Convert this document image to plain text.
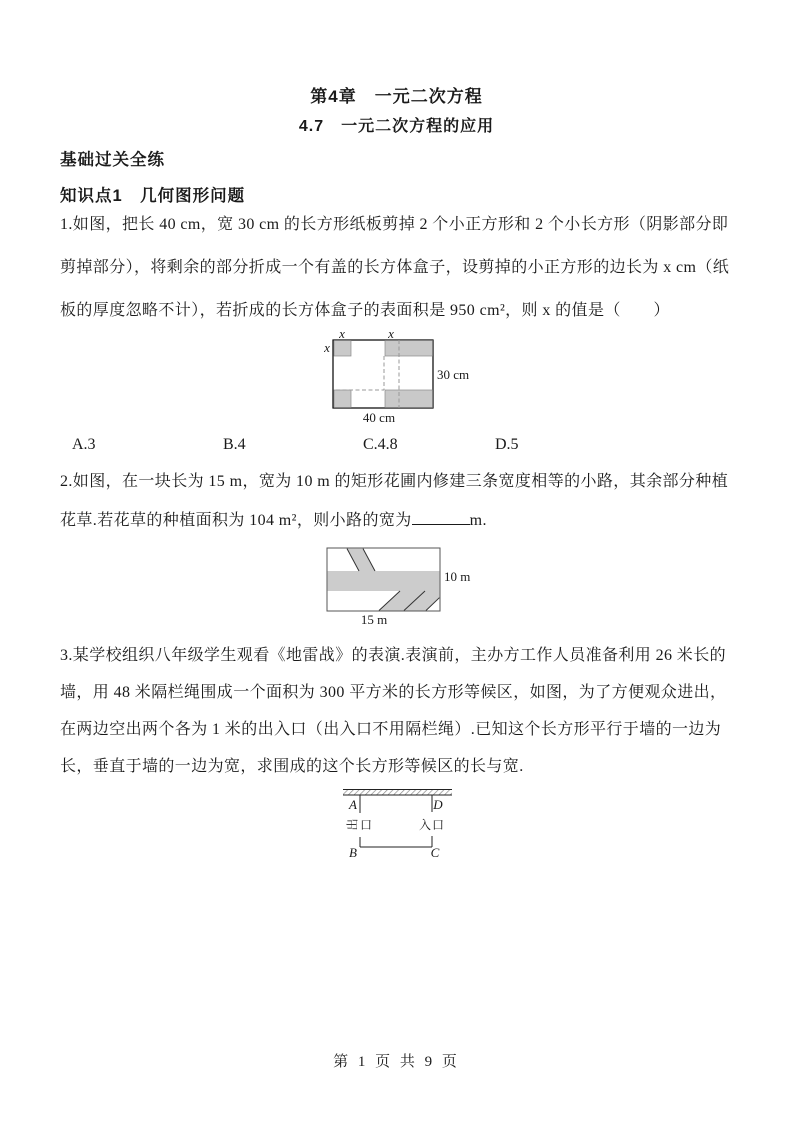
第4章　一元二次方程
4.7　一元二次方程的应用
基础过关全练
知识点1　几何图形问题
1.如图，把长 40 cm，宽 30 cm 的长方形纸板剪掉 2 个小正方形和 2 个小长方形（阴影部分即
剪掉部分），将剩余的部分折成一个有盖的长方体盒子，设剪掉的小正方形的边长为 x cm（纸
板的厚度忽略不计），若折成的长方体盒子的表面积是 950 cm²，则 x 的值是（　　）
x	x
x
30 cm
40 cm
A.3	B.4	C.4.8	D.5
2.如图，在一块长为 15 m，宽为 10 m 的矩形花圃内修建三条宽度相等的小路，其余部分种植
花草.若花草的种植面积为 104 m²，则小路的宽为	m.
10 m
15 m
3.某学校组织八年级学生观看《地雷战》的表演.表演前，主办方工作人员准备利用 26 米长的
墙，用 48 米隔栏绳围成一个面积为 300 平方米的长方形等候区，如图，为了方便观众进出，
在两边空出两个各为 1 米的出入口（出入口不用隔栏绳）.已知这个长方形平行于墙的一边为
长，垂直于墙的一边为宽，求围成的这个长方形等候区的长与宽.
A	D
B	C
出 口	入 口
第 1 页 共 9 页
